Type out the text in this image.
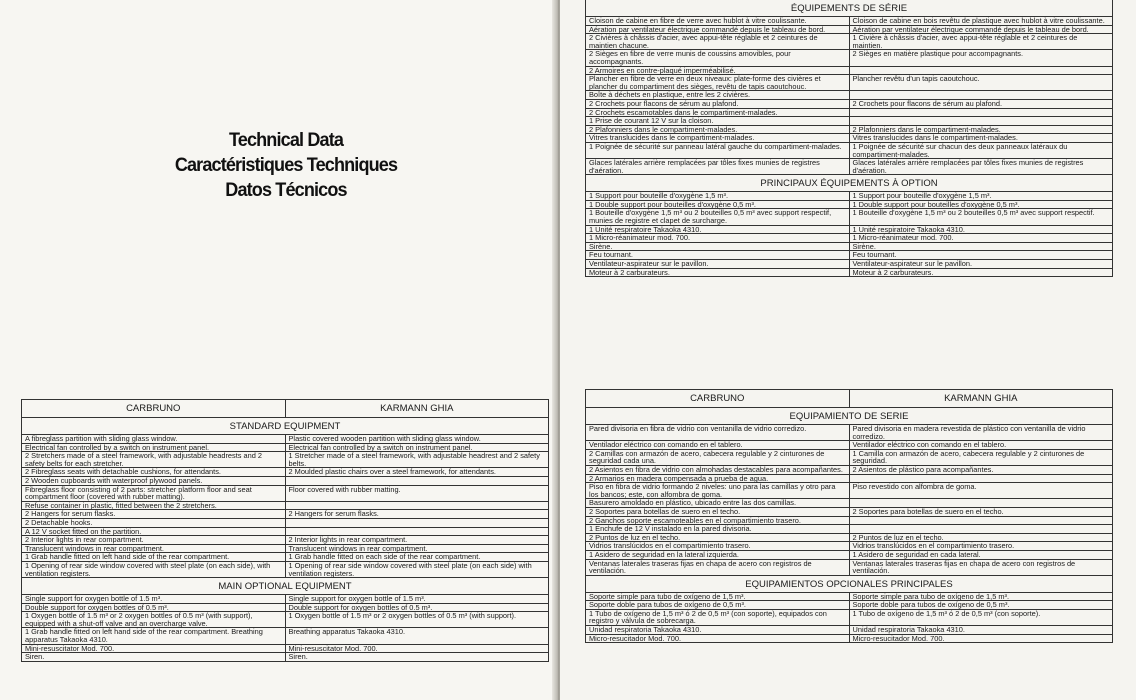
Technical Data
Caractéristiques Techniques
Datos Técnicos
CARBRUNO	KARMANN GHIA
STANDARD EQUIPMENT	
A fibreglass partition with sliding glass window.	Plastic covered wooden partition with sliding glass window.
Electrical fan controlled by a switch on instrument panel.	Electrical fan controlled by a switch on instrument panel.
2 Stretchers made of a steel framework, with adjustable headrests and 2 safety belts for each stretcher.	1 Stretcher made of a steel framework, with adjustable headrest and 2 safety belts.
2 Fibreglass seats with detachable cushions, for attendants.	2 Moulded plastic chairs over a steel framework, for attendants.
2 Wooden cupboards with waterproof plywood panels.	
Fibreglass floor consisting of 2 parts: stretcher platform floor and seat compartment floor (covered with rubber matting).	Floor covered with rubber matting.
Refuse container in plastic, fitted between the 2 stretchers.	
2 Hangers for serum flasks.	2 Hangers for serum flasks.
2 Detachable hooks.	
A 12 V socket fitted on the partition.	
2 Interior lights in rear compartment.	2 Interior lights in rear compartment.
Translucent windows in rear compartment.	Translucent windows in rear compartment.
1 Grab handle fitted on left hand side of the rear compartment.	1 Grab handle fitted on each side of the rear compartment.
1 Opening of rear side window covered with steel plate (on each side), with ventilation registers.	1 Opening of rear side window covered with steel plate (on each side) with ventilation registers.
MAIN OPTIONAL EQUIPMENT	
Single support for oxygen bottle of 1.5 m³.	Single support for oxygen bottle of 1.5 m³.
Double support for oxygen bottles of 0.5 m³.	Double support for oxygen bottles of 0.5 m³.
1 Oxygen bottle of 1.5 m³ or 2 oxygen bottles of 0.5 m³ (with support), equipped with a shut-off valve and an overcharge valve.	1 Oxygen bottle of 1.5 m³ or 2 oxygen bottles of 0.5 m³ (with support).
1 Grab handle fitted on left hand side of the rear compartment. Breathing apparatus Takaoka 4310.	Breathing apparatus Takaoka 4310.
Mini-resuscitator Mod. 700.	Mini-resuscitator Mod. 700.
Siren.	Siren.

ÉQUIPEMENTS DE SÉRIE	
Cloison de cabine en fibre de verre avec hublot à vitre coulissante.	Cloison de cabine en bois revêtu de plastique avec hublot à vitre coulissante.
Aération par ventilateur électrique commandé depuis le tableau de bord.	Aération par ventilateur électrique commandé depuis le tableau de bord.
2 Civières à châssis d'acier, avec appui-tête réglable et 2 ceintures de maintien chacune.	1 Civière à châssis d'acier, avec appui-tête réglable et 2 ceintures de maintien.
2 Sièges en fibre de verre munis de coussins amovibles, pour accompagnants.	2 Sièges en matière plastique pour accompagnants.
2 Armoires en contre-plaqué imperméabilisé.	
Plancher en fibre de verre en deux niveaux: plate-forme des civières et plancher du compartiment des sièges, revêtu de tapis caoutchouc.	Plancher revêtu d'un tapis caoutchouc.
Boîte à déchets en plastique, entre les 2 civières.	
2 Crochets pour flacons de sérum au plafond.	2 Crochets pour flacons de sérum au plafond.
2 Crochets escamotables dans le compartiment-malades.	
1 Prise de courant 12 V sur la cloison.	
2 Plafonniers dans le compartiment-malades.	2 Plafonniers dans le compartiment-malades.
Vitres translucides dans le compartiment-malades.	Vitres translucides dans le compartiment-malades.
1 Poignée de sécurité sur panneau latéral gauche du compartiment-malades.	1 Poignée de sécurité sur chacun des deux panneaux latéraux du compartiment-malades.
Glaces latérales arrière remplacées par tôles fixes munies de registres d'aération.	Glaces latérales arrière remplacées par tôles fixes munies de registres d'aération.
PRINCIPAUX ÉQUIPEMENTS À OPTION	
1 Support pour bouteille d'oxygène 1,5 m³.	1 Support pour bouteille d'oxygène 1,5 m³.
1 Double support pour bouteilles d'oxygène 0,5 m³.	1 Double support pour bouteilles d'oxygène 0,5 m³.
1 Bouteille d'oxygène 1,5 m³ ou 2 bouteilles 0,5 m³ avec support respectif, munies de registre et clapet de surcharge.	1 Bouteille d'oxygène 1,5 m³ ou 2 bouteilles 0,5 m³ avec support respectif.
1 Unité respiratoire Takaoka 4310.	1 Unité respiratoire Takaoka 4310.
1 Micro-réanimateur mod. 700.	1 Micro-réanimateur mod. 700.
Sirène.	Sirène.
Feu tournant.	Feu tournant.
Ventilateur-aspirateur sur le pavillon.	Ventilateur-aspirateur sur le pavillon.
Moteur à 2 carburateurs.	Moteur à 2 carburateurs.
CARBRUNO	KARMANN GHIA
EQUIPAMIENTO DE SERIE	
Pared divisoria en fibra de vidrio con ventanilla de vidrio corredizo.	Pared divisoria en madera revestida de plástico con ventanilla de vidrio corredizo.
Ventilador eléctrico con comando en el tablero.	Ventilador eléctrico con comando en el tablero.
2 Camillas con armazón de acero, cabecera regulable y 2 cinturones de seguridad cada una.	1 Camilla con armazón de acero, cabecera regulable y 2 cinturones de seguridad.
2 Asientos en fibra de vidrio con almohadas destacables para acompañantes.	2 Asientos de plástico para acompañantes.
2 Armarios en madera compensada a prueba de agua.	
Piso en fibra de vidrio formando 2 niveles: uno para las camillas y otro para los bancos; este, con alfombra de goma.	Piso revestido con alfombra de goma.
Basurero amoldado en plástico, ubicado entre las dos camillas.	
2 Soportes para botellas de suero en el techo.	2 Soportes para botellas de suero en el techo.
2 Ganchos soporte escamoteables en el compartimiento trasero.	
1 Enchufe de 12 V instalado en la pared divisoria.	
2 Puntos de luz en el techo.	2 Puntos de luz en el techo.
Vidrios translúcidos en el compartimiento trasero.	Vidrios translúcidos en el compartimiento trasero.
1 Asidero de seguridad en la lateral izquierda.	1 Asidero de seguridad en cada lateral.
Ventanas laterales traseras fijas en chapa de acero con registros de ventilación.	Ventanas laterales traseras fijas en chapa de acero con registros de ventilación.
EQUIPAMIENTOS OPCIONALES PRINCIPALES	
Soporte simple para tubo de oxígeno de 1,5 m³.	Soporte simple para tubo de oxígeno de 1,5 m³.
Soporte doble para tubos de oxígeno de 0,5 m³.	Soporte doble para tubos de oxígeno de 0,5 m³.
1 Tubo de oxígeno de 1,5 m³ ó 2 de 0,5 m³ (con soporte), equipados con registro y válvula de sobrecarga.	1 Tubo de oxígeno de 1,5 m³ ó 2 de 0,5 m³ (con soporte).
Unidad respiratoria Takaoka 4310.	Unidad respiratoria Takaoka 4310.
Micro-resucitador Mod. 700.	Micro-resucitador Mod. 700.
